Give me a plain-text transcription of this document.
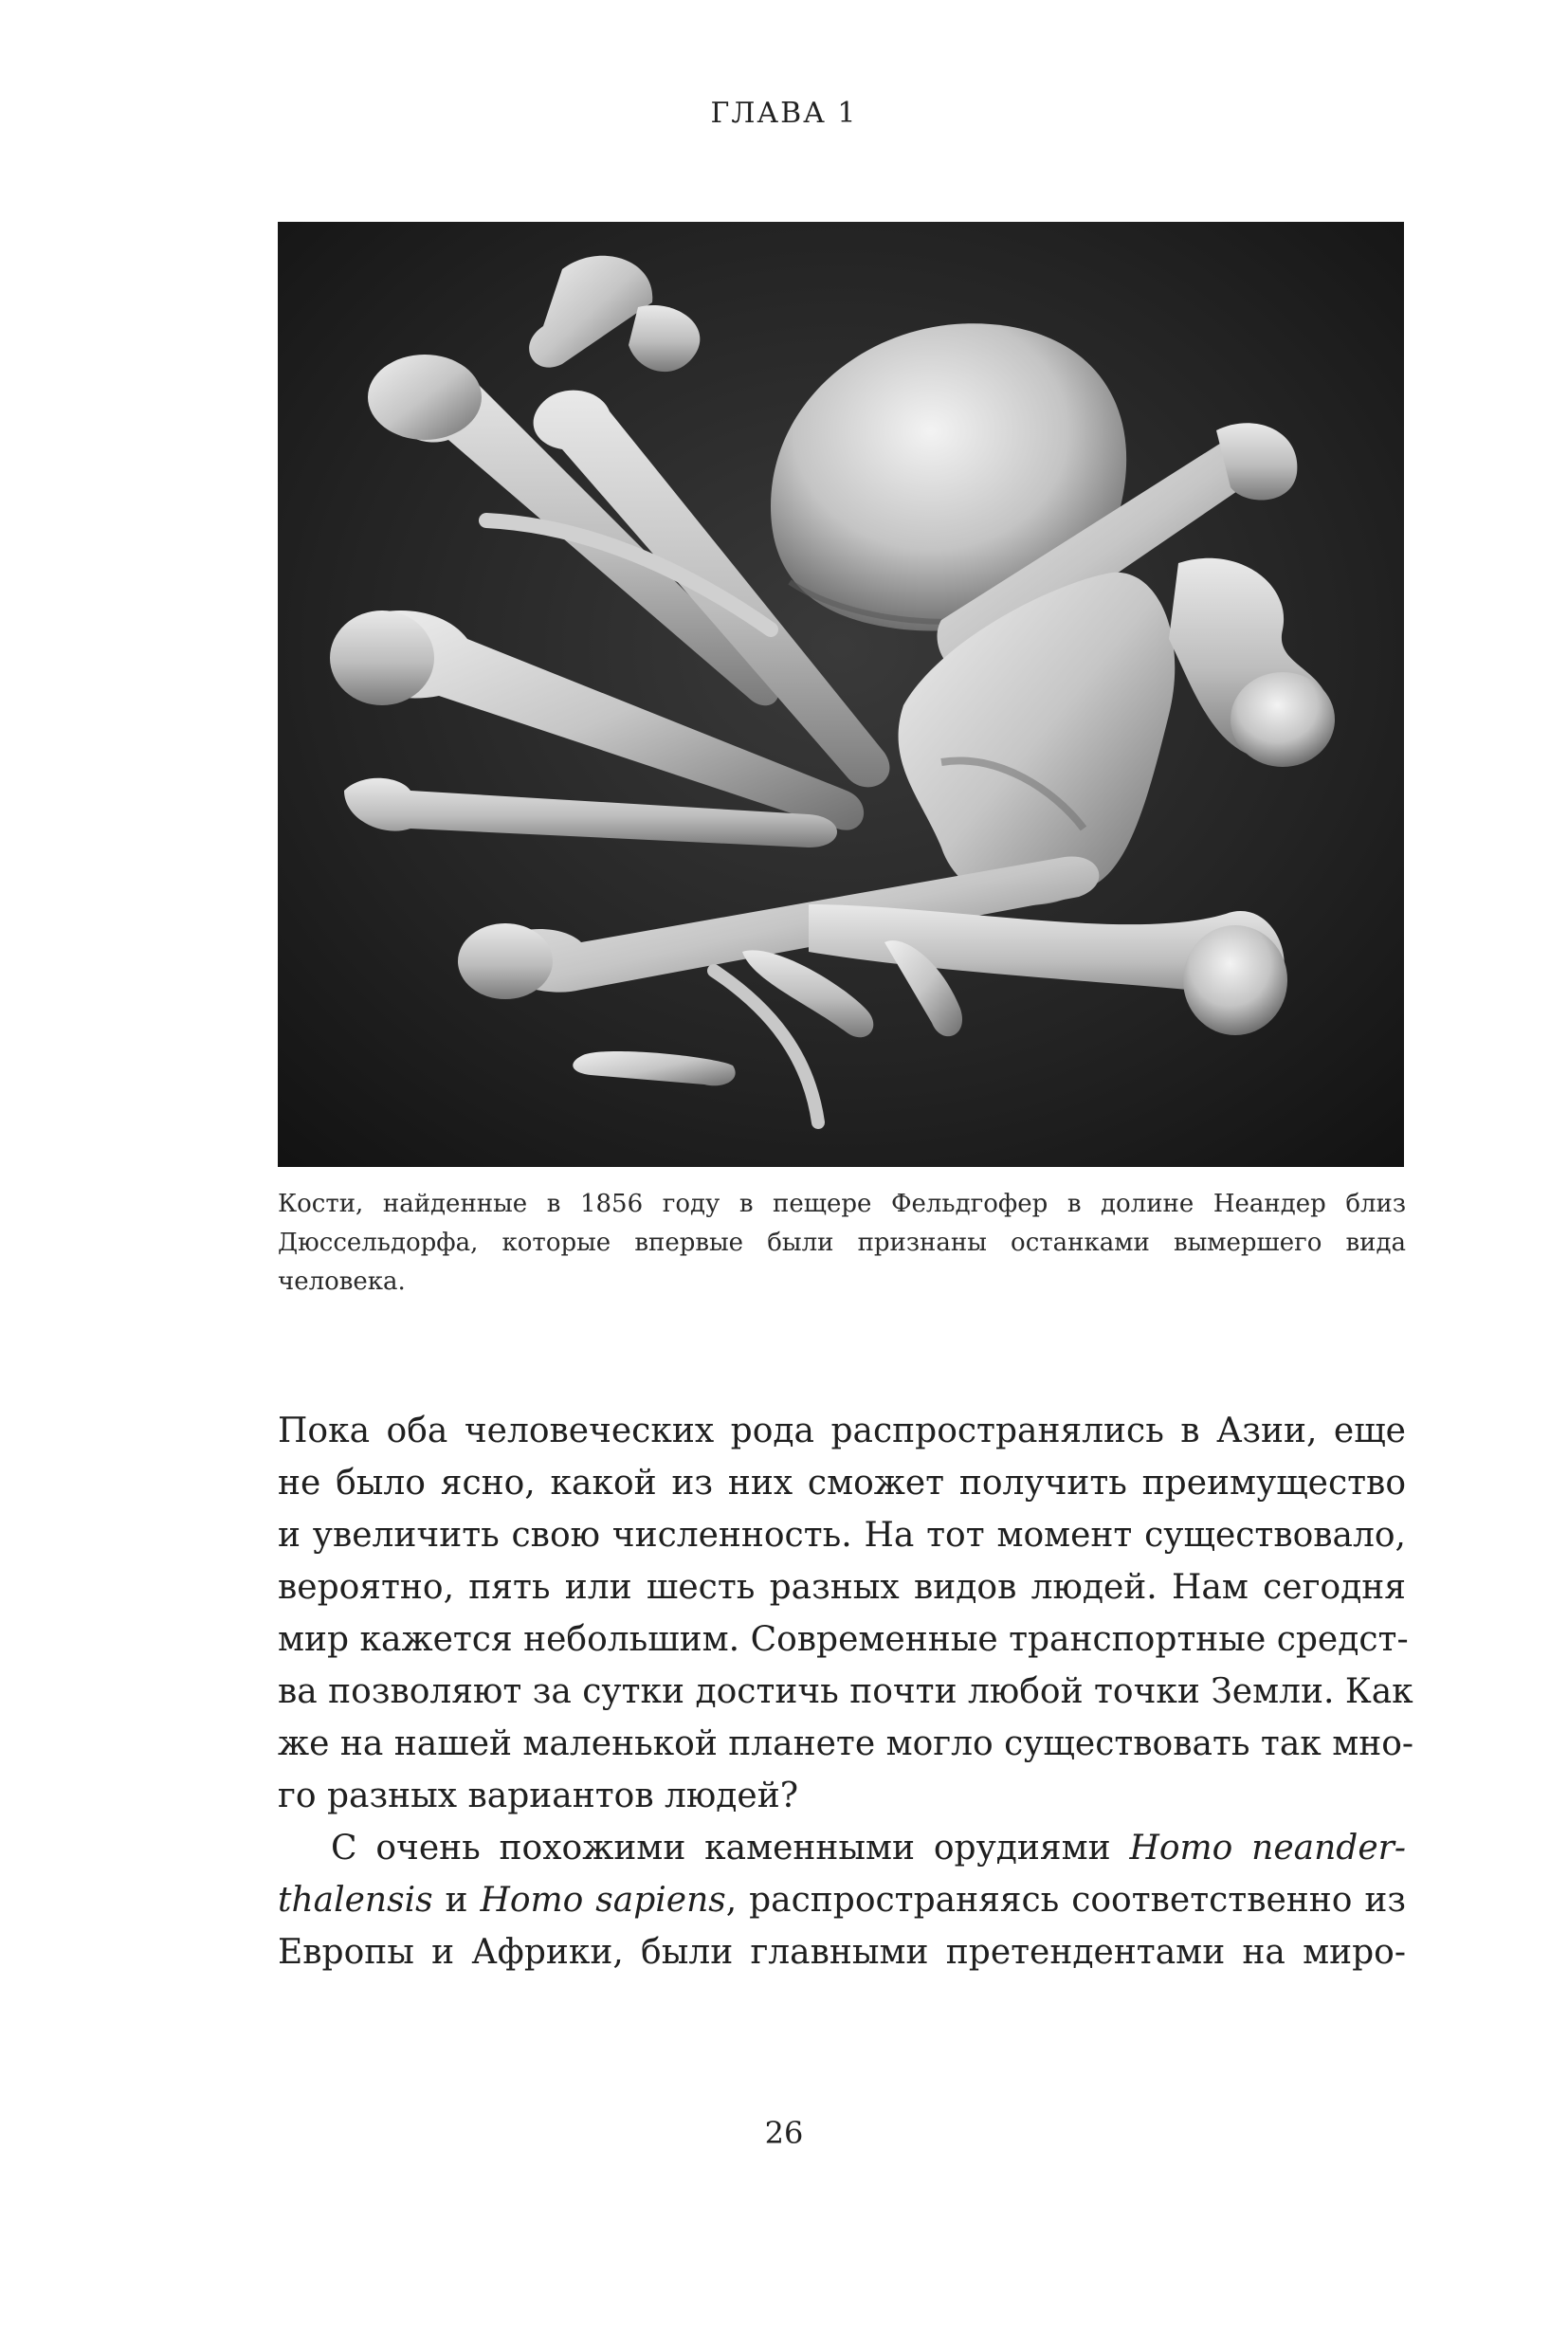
ГЛАВА 1

Кости, найденные в 1856 году в пещере Фельдгофер в долине Неандер близ
Дюссельдорфа, которые впервые были признаны останками вымершего вида
человека.

Пока оба человеческих рода распространялись в Азии, еще
не было ясно, какой из них сможет получить преимущество
и увеличить свою численность. На тот момент существовало,
вероятно, пять или шесть разных видов людей. Нам сегодня
мир кажется небольшим. Современные транспортные средст-
ва позволяют за сутки достичь почти любой точки Земли. Как
же на нашей маленькой планете могло существовать так мно-
го разных вариантов людей?
С очень похожими каменными орудиями Homo neander-
thalensis и Homo sapiens, распространяясь соответственно из
Европы и Африки, были главными претендентами на миро-
26
